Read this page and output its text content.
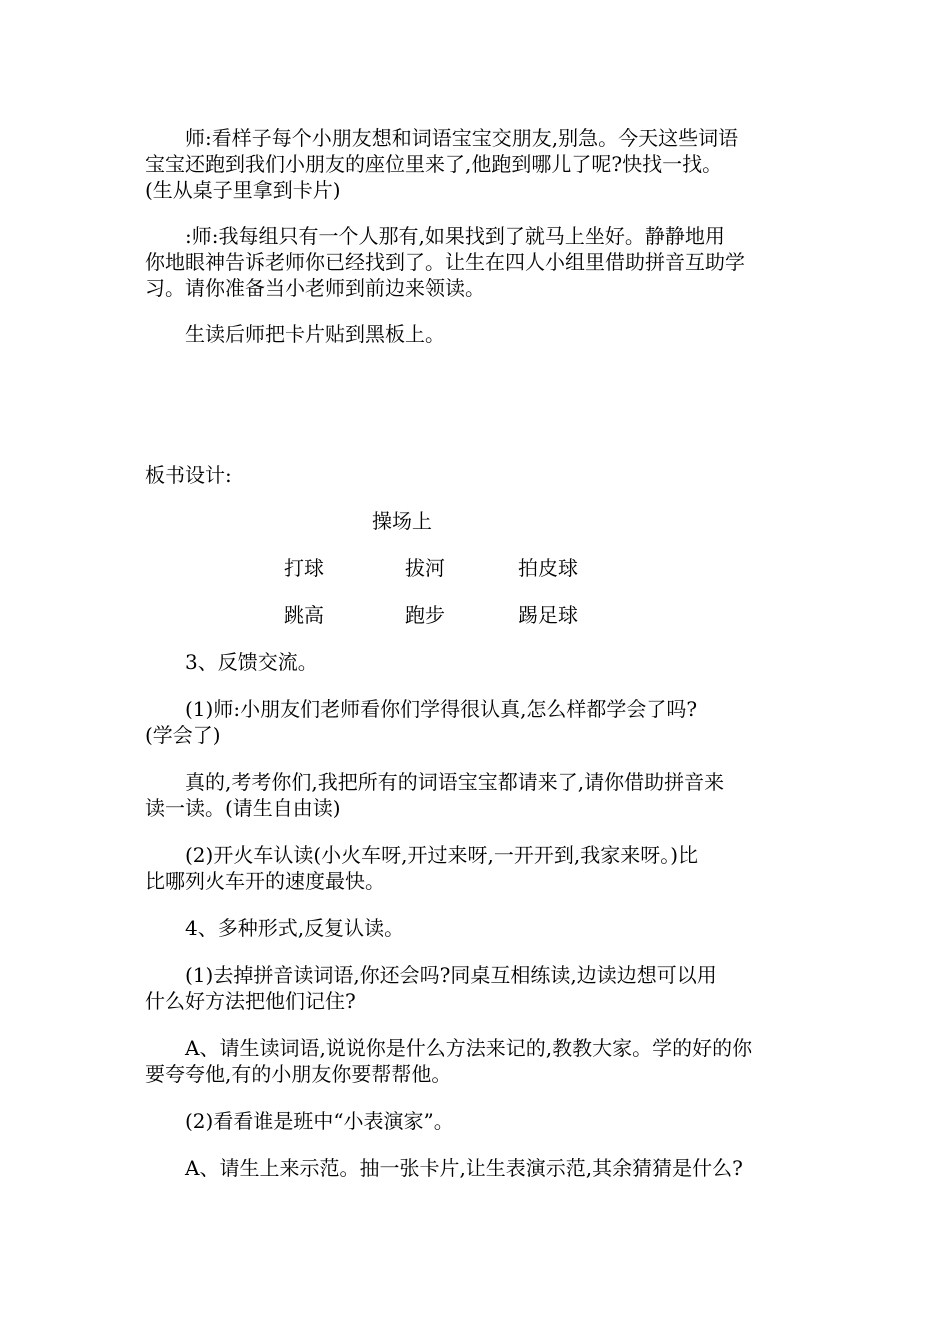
师:看样子每个小朋友想和词语宝宝交朋友,别急。今天这些词语
宝宝还跑到我们小朋友的座位里来了,他跑到哪儿了呢?快找一找。
(生从桌子里拿到卡片)
:师:我每组只有一个人那有,如果找到了就马上坐好。静静地用
你地眼神告诉老师你已经找到了。让生在四人小组里借助拼音互助学
习。请你准备当小老师到前边来领读。
生读后师把卡片贴到黑板上。
板书设计:
操场上
打球	拔河	拍皮球
跳高	跑步	踢足球
3、反馈交流。
(1)师:小朋友们老师看你们学得很认真,怎么样都学会了吗?
(学会了)
真的,考考你们,我把所有的词语宝宝都请来了,请你借助拼音来
读一读。(请生自由读)
(2)开火车认读(小火车呀,开过来呀,一开开到,我家来呀。)比
比哪列火车开的速度最快。
4、多种形式,反复认读。
(1)去掉拼音读词语,你还会吗?同桌互相练读,边读边想可以用
什么好方法把他们记住?
A、请生读词语,说说你是什么方法来记的,教教大家。学的好的你
要夸夸他,有的小朋友你要帮帮他。
(2)看看谁是班中“小表演家”。
A、请生上来示范。抽一张卡片,让生表演示范,其余猜猜是什么?
